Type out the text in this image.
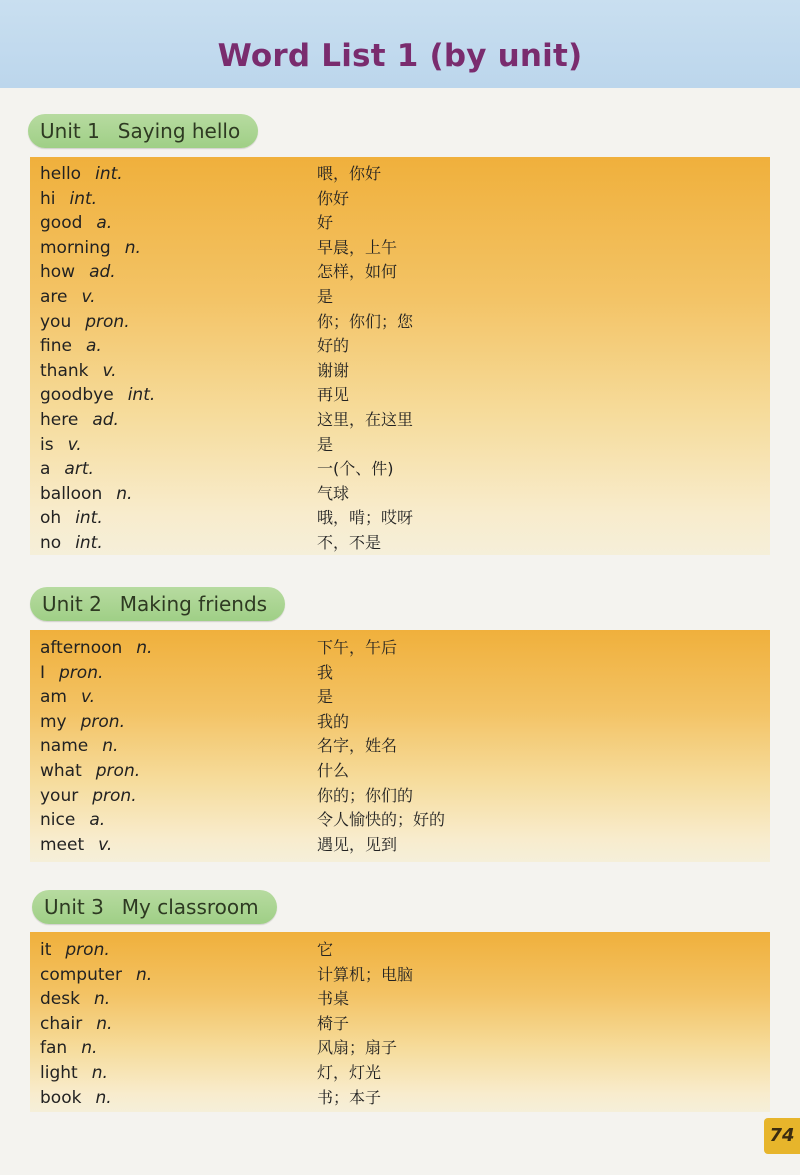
Word List 1 (by unit)
Unit 1 Saying hello
hello int.	喂，你好
hi int.	你好
good a.	好
morning n.	早晨，上午
how ad.	怎样，如何
are v.	是
you pron.	你；你们；您
fine a.	好的
thank v.	谢谢
goodbye int.	再见
here ad.	这里，在这里
is v.	是
a art.	一(个、件)
balloon n.	气球
oh int.	哦，啃；哎呀
no int.	不，不是
Unit 2 Making friends
afternoon n.	下午，午后
I pron.	我
am v.	是
my pron.	我的
name n.	名字，姓名
what pron.	什么
your pron.	你的；你们的
nice a.	令人愉快的；好的
meet v.	遇见，见到
Unit 3 My classroom
it pron.	它
computer n.	计算机；电脑
desk n.	书桌
chair n.	椅子
fan n.	风扇；扇子
light n.	灯，灯光
book n.	书；本子
74
